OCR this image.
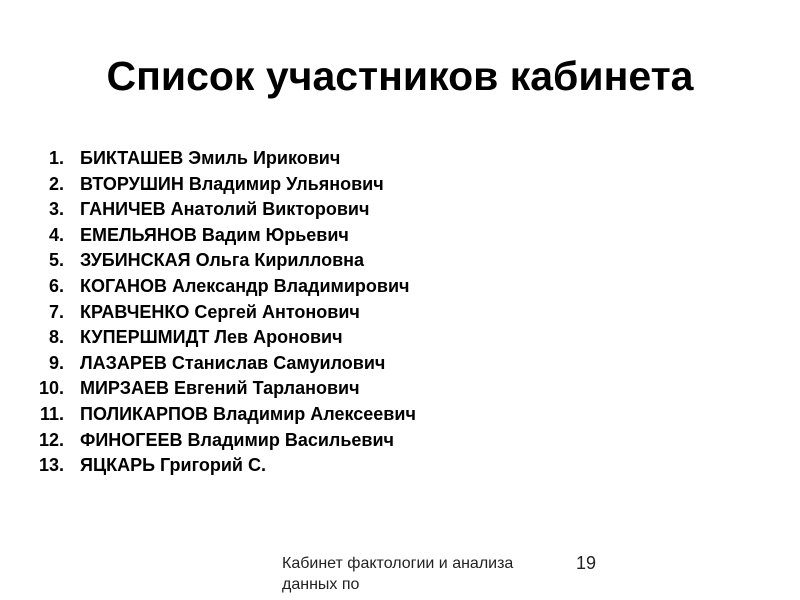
Список участников кабинета
1. БИКТАШЕВ Эмиль Ирикович
2. ВТОРУШИН Владимир Ульянович
3. ГАНИЧЕВ Анатолий Викторович
4. ЕМЕЛЬЯНОВ Вадим Юрьевич
5. ЗУБИНСКАЯ Ольга Кирилловна
6. КОГАНОВ Александр Владимирович
7. КРАВЧЕНКО Сергей Антонович
8. КУПЕРШМИДТ Лев Аронович
9. ЛАЗАРЕВ Станислав Самуилович
10. МИРЗАЕВ Евгений Тарланович
11. ПОЛИКАРПОВ Владимир Алексеевич
12. ФИНОГЕЕВ Владимир Васильевич
13. ЯЦКАРЬ Григорий С.
Кабинет фактологии и анализа данных по
19
